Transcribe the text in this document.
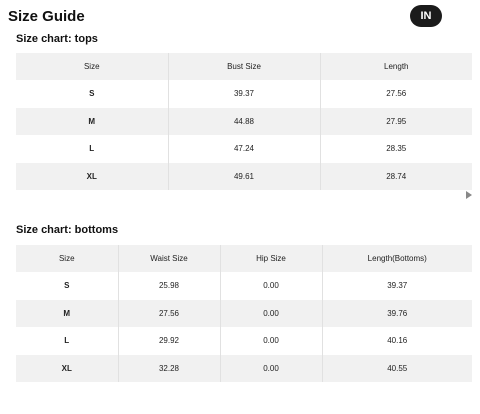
Size Guide	IN
Size chart: tops
Size	Bust Size	Length
S	39.37	27.56
M	44.88	27.95
L	47.24	28.35
XL	49.61	28.74
Size chart: bottoms
Size	Waist Size	Hip Size	Length(Bottoms)
S	25.98	0.00	39.37
M	27.56	0.00	39.76
L	29.92	0.00	40.16
XL	32.28	0.00	40.55
